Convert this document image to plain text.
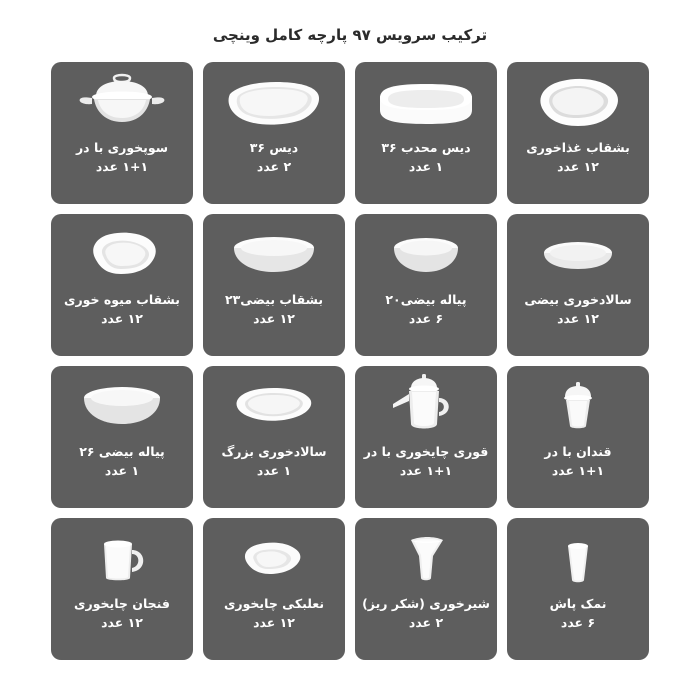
ترکیب سرویس ۹۷ پارچه کامل وینچی
بشقاب غذاخوری
۱۲ عدد
دیس محدب ۳۶
۱ عدد
دیس ۳۶
۲ عدد
سوپخوری با در
۱+۱ عدد
سالادخوری بیضی
۱۲ عدد
پیاله بیضی۲۰
۶ عدد
بشقاب بیضی۲۳
۱۲ عدد
بشقاب میوه خوری
۱۲ عدد
قندان با در
۱+۱ عدد
قوری چایخوری با در
۱+۱ عدد
سالادخوری بزرگ
۱ عدد
پیاله بیضی ۲۶
۱ عدد
نمک پاش
۶ عدد
شیرخوری (شکر ریز)
۲ عدد
نعلبکی چایخوری
۱۲ عدد
فنجان چایخوری
۱۲ عدد
